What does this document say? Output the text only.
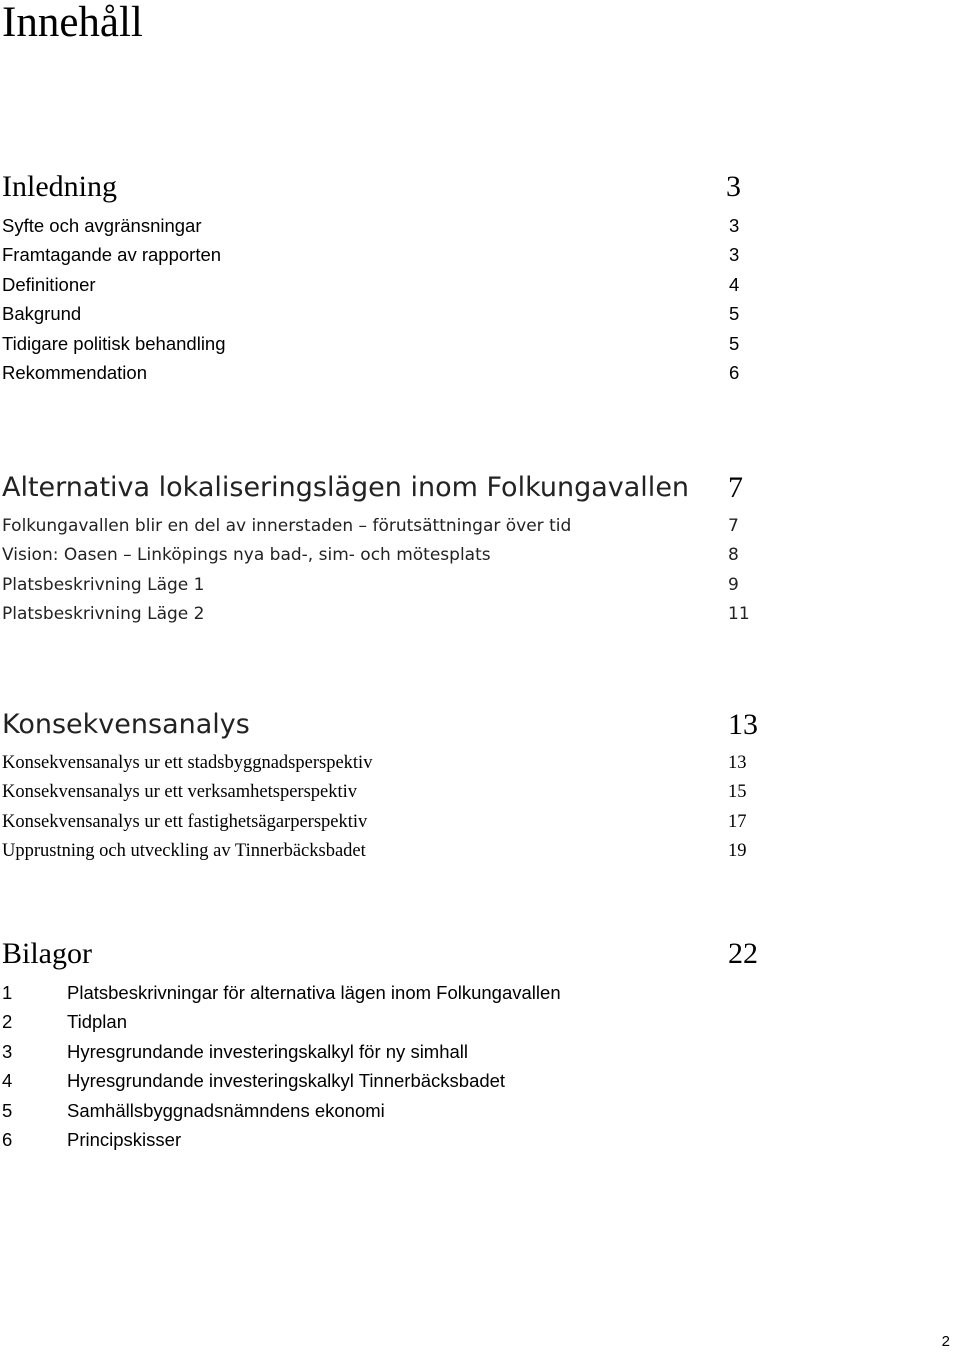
Innehåll
Inledning	3
Syfte och avgränsningar	3
Framtagande av rapporten	3
Definitioner	4
Bakgrund	5
Tidigare politisk behandling	5
Rekommendation	6
Alternativa lokaliseringslägen inom Folkungavallen 7
Folkungavallen blir en del av innerstaden – förutsättningar över tid	7
Vision: Oasen – Linköpings nya bad-, sim- och mötesplats	8
Platsbeskrivning Läge 1	9
Platsbeskrivning Läge 2	11
Konsekvensanalys	13
Konsekvensanalys ur ett stadsbyggnadsperspektiv	13
Konsekvensanalys ur ett verksamhetsperspektiv	15
Konsekvensanalys ur ett fastighetsägarperspektiv	17
Upprustning och utveckling av Tinnerbäcksbadet	19
Bilagor	22
1	Platsbeskrivningar för alternativa lägen inom Folkungavallen
2	Tidplan
3	Hyresgrundande investeringskalkyl för ny simhall
4	Hyresgrundande investeringskalkyl Tinnerbäcksbadet
5	Samhällsbyggnadsnämndens ekonomi
6	Principskisser
2
